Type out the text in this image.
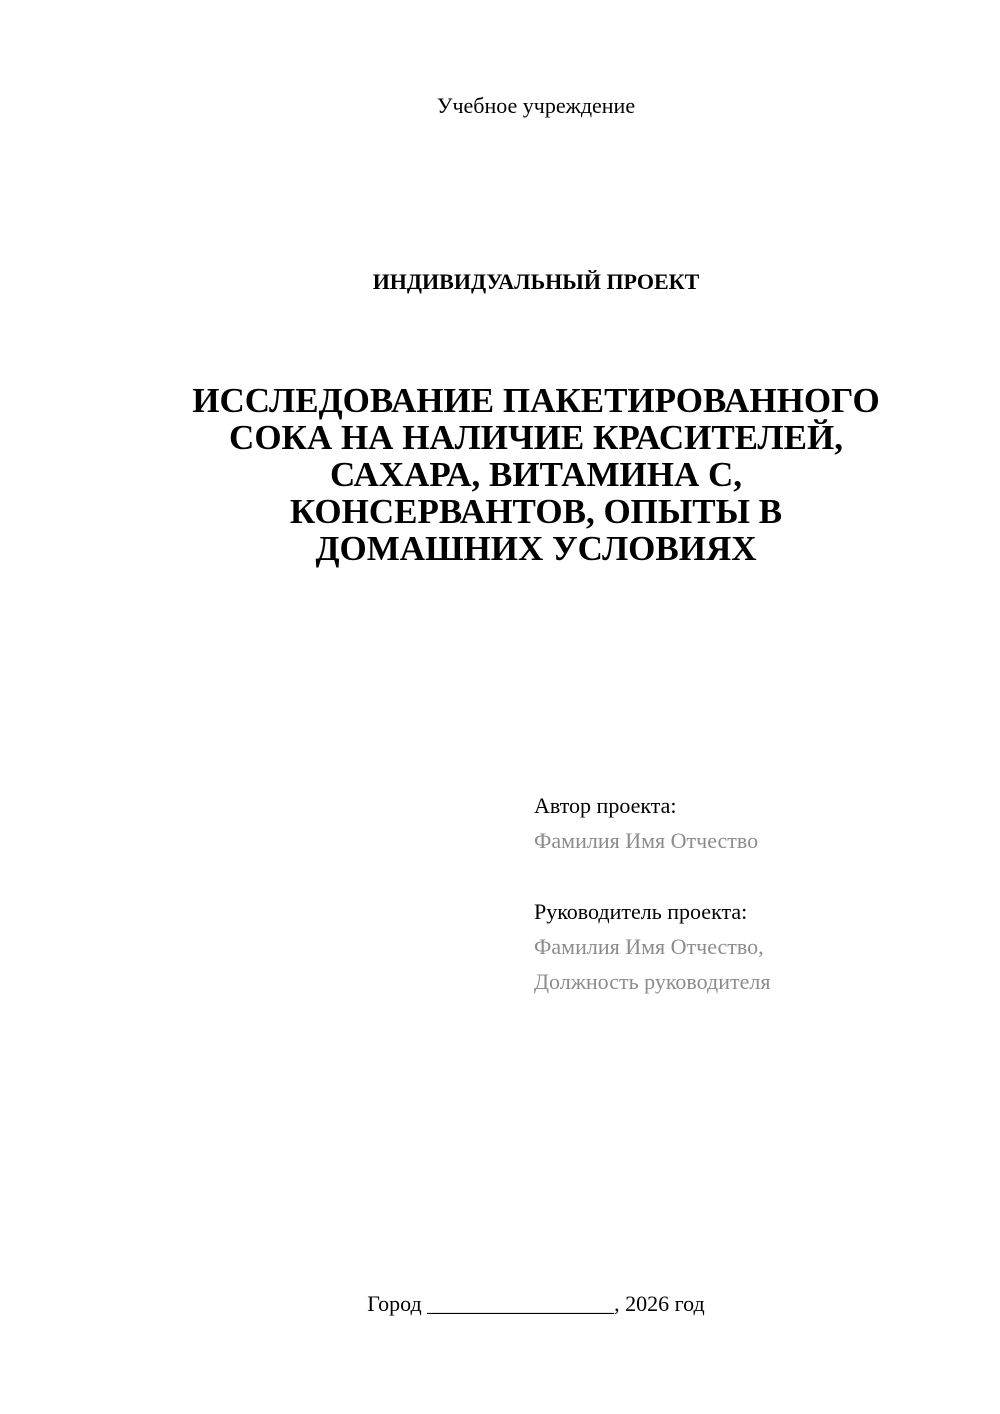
Учебное учреждение
ИНДИВИДУАЛЬНЫЙ ПРОЕКТ
ИССЛЕДОВАНИЕ ПАКЕТИРОВАННОГО
СОКА НА НАЛИЧИЕ КРАСИТЕЛЕЙ,
САХАРА, ВИТАМИНА С,
КОНСЕРВАНТОВ, ОПЫТЫ В
ДОМАШНИХ УСЛОВИЯХ
Автор проекта:
Фамилия Имя Отчество
Руководитель проекта:
Фамилия Имя Отчество,
Должность руководителя
Город _________________, 2026 год
